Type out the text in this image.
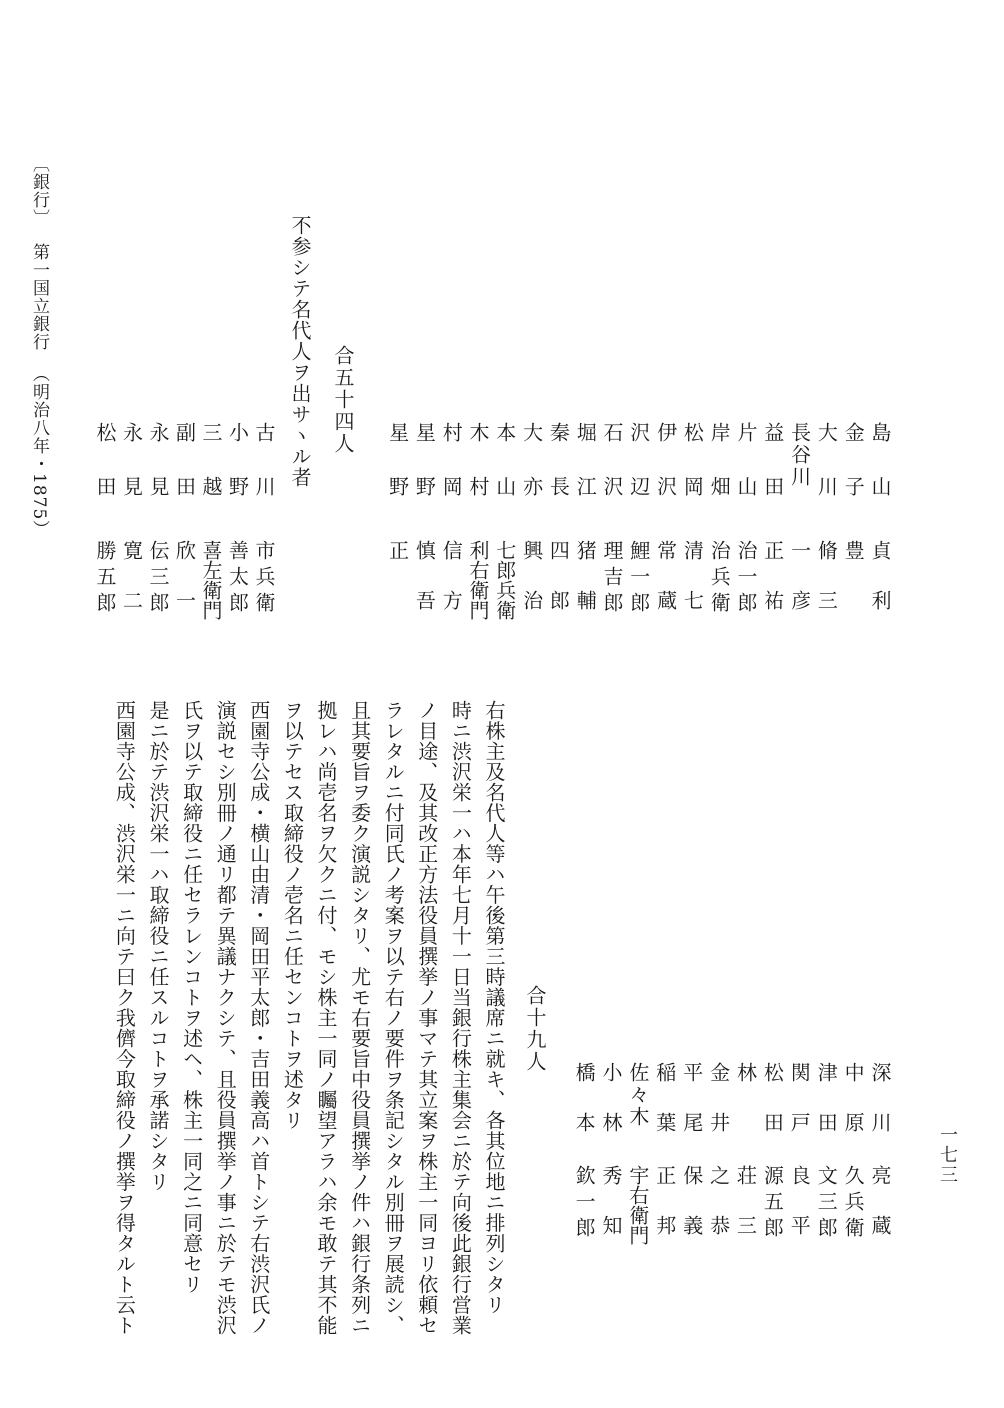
〔銀行〕第一国立銀行（明治八年・1875）	島山
貞利
金子
豊
大川
脩三
長谷川
一彦
益田
正祐
片山
治一郎
岸畑
治兵衛
松岡
清七
伊沢
常蔵
沢辺
鯉一郎
石沢
理吉郎
堀江
猪輔
秦長
四郎
大亦
興治
本山
七郎兵衛
木村
利右衛門
村岡
信方
星野
慎吾
星野
正
合五十四人
不参シテ名代人ヲ出サヽル者
古川
市兵衛
小野
善太郎
三越
喜左衛門
副田
欣一
永見
伝三郎
永見
寛二
松田
勝五郎
深川
亮蔵
中原
久兵衛
津田
文三郎
関戸
良平
松田
源五郎
林
荘三
金井
之恭
平尾
保義
稲葉
正邦
佐々木
宇右衛門
小林
秀知
橋本
欽一郎
合十九人
右株主及名代人等ハ午後第三時議席ニ就キ、各其位地ニ排列シタリ
時ニ渋沢栄一ハ本年七月十一日当銀行株主集会ニ於テ向後此銀行営業
ノ目途、及其改正方法役員撰挙ノ事マテ其立案ヲ株主一同ヨリ依頼セ
ラレタルニ付同氏ノ考案ヲ以テ右ノ要件ヲ条記シタル別冊ヲ展読シ、
且其要旨ヲ委ク演説シタリ、尤モ右要旨中役員撰挙ノ件ハ銀行条列ニ
拠レハ尚壱名ヲ欠クニ付、モシ株主一同ノ矚望アラハ余モ敢テ其不能
ヲ以テセス取締役ノ壱名ニ任センコトヲ述タリ
西園寺公成・横山由清・岡田平太郎・吉田義高ハ首トシテ右渋沢氏ノ
演説セシ別冊ノ通リ都テ異議ナクシテ、且役員撰挙ノ事ニ於テモ渋沢
氏ヲ以テ取締役ニ任セラレンコトヲ述ヘ、株主一同之ニ同意セリ
是ニ於テ渋沢栄一ハ取締役ニ任スルコトヲ承諾シタリ
西園寺公成、渋沢栄一ニ向テ曰ク我儕今取締役ノ撰挙ヲ得タルト云ト	一七三
